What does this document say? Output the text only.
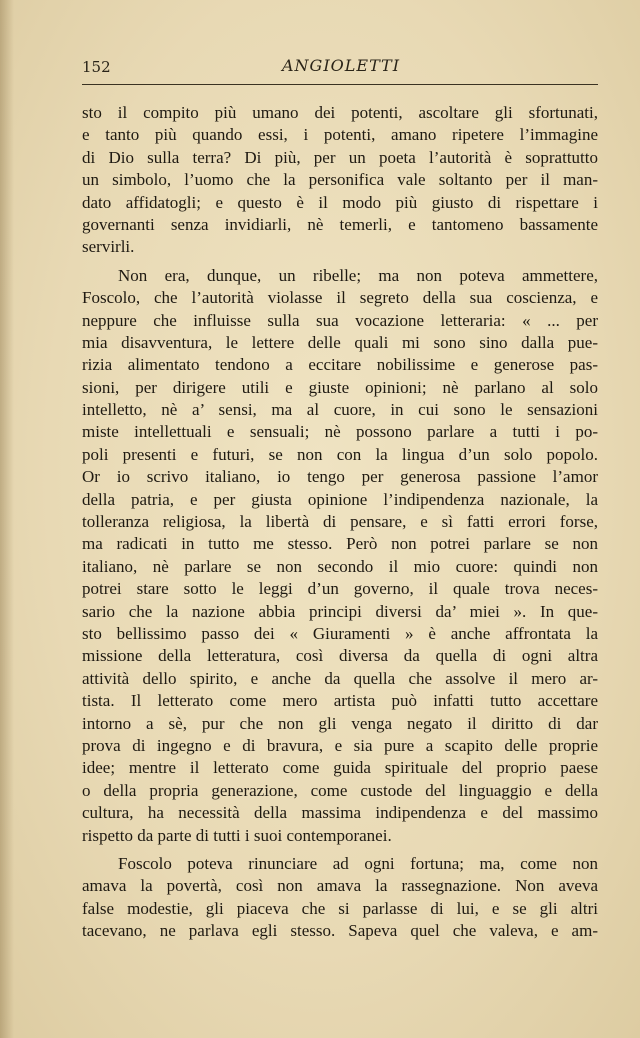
152	ANGIOLETTI
sto il compito più umano dei potenti, ascoltare gli sfortunati,
e tanto più quando essi, i potenti, amano ripetere l’immagine
di Dio sulla terra? Di più, per un poeta l’autorità è soprattutto
un simbolo, l’uomo che la personifica vale soltanto per il man-
dato affidatogli; e questo è il modo più giusto di rispettare i
governanti senza invidiarli, nè temerli, e tantomeno bassamente
servirli.
Non era, dunque, un ribelle; ma non poteva ammettere,
Foscolo, che l’autorità violasse il segreto della sua coscienza, e
neppure che influisse sulla sua vocazione letteraria: « ... per
mia disavventura, le lettere delle quali mi sono sino dalla pue-
rizia alimentato tendono a eccitare nobilissime e generose pas-
sioni, per dirigere utili e giuste opinioni; nè parlano al solo
intelletto, nè a’ sensi, ma al cuore, in cui sono le sensazioni
miste intellettuali e sensuali; nè possono parlare a tutti i po-
poli presenti e futuri, se non con la lingua d’un solo popolo.
Or io scrivo italiano, io tengo per generosa passione l’amor
della patria, e per giusta opinione l’indipendenza nazionale, la
tolleranza religiosa, la libertà di pensare, e sì fatti errori forse,
ma radicati in tutto me stesso. Però non potrei parlare se non
italiano, nè parlare se non secondo il mio cuore: quindi non
potrei stare sotto le leggi d’un governo, il quale trova neces-
sario che la nazione abbia principi diversi da’ miei ». In que-
sto bellissimo passo dei « Giuramenti » è anche affrontata la
missione della letteratura, così diversa da quella di ogni altra
attività dello spirito, e anche da quella che assolve il mero ar-
tista. Il letterato come mero artista può infatti tutto accettare
intorno a sè, pur che non gli venga negato il diritto di dar
prova di ingegno e di bravura, e sia pure a scapito delle proprie
idee; mentre il letterato come guida spirituale del proprio paese
o della propria generazione, come custode del linguaggio e della
cultura, ha necessità della massima indipendenza e del massimo
rispetto da parte di tutti i suoi contemporanei.
Foscolo poteva rinunciare ad ogni fortuna; ma, come non
amava la povertà, così non amava la rassegnazione. Non aveva
false modestie, gli piaceva che si parlasse di lui, e se gli altri
tacevano, ne parlava egli stesso. Sapeva quel che valeva, e am-
